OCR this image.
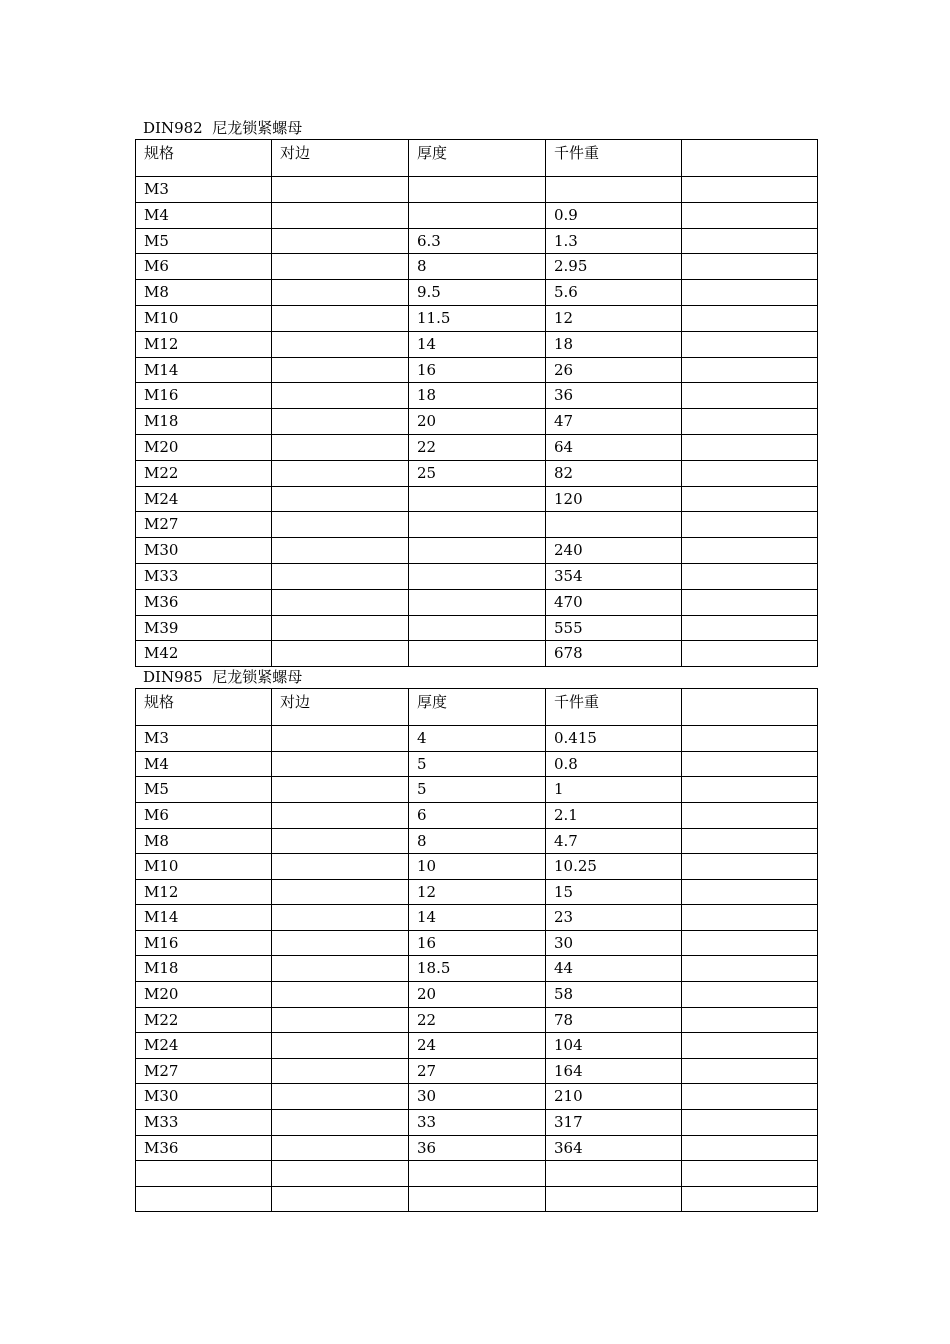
DIN982  尼龙锁紧螺母
规格	对边	厚度	千件重	
M3				
M4			0.9	
M5		6.3	1.3	
M6		8	2.95	
M8		9.5	5.6	
M10		11.5	12	
M12		14	18	
M14		16	26	
M16		18	36	
M18		20	47	
M20		22	64	
M22		25	82	
M24			120	
M27				
M30			240	
M33			354	
M36			470	
M39			555	
M42			678	
DIN985  尼龙锁紧螺母
规格	对边	厚度	千件重	
M3		4	0.415	
M4		5	0.8	
M5		5	1	
M6		6	2.1	
M8		8	4.7	
M10		10	10.25	
M12		12	15	
M14		14	23	
M16		16	30	
M18		18.5	44	
M20		20	58	
M22		22	78	
M24		24	104	
M27		27	164	
M30		30	210	
M33		33	317	
M36		36	364	
